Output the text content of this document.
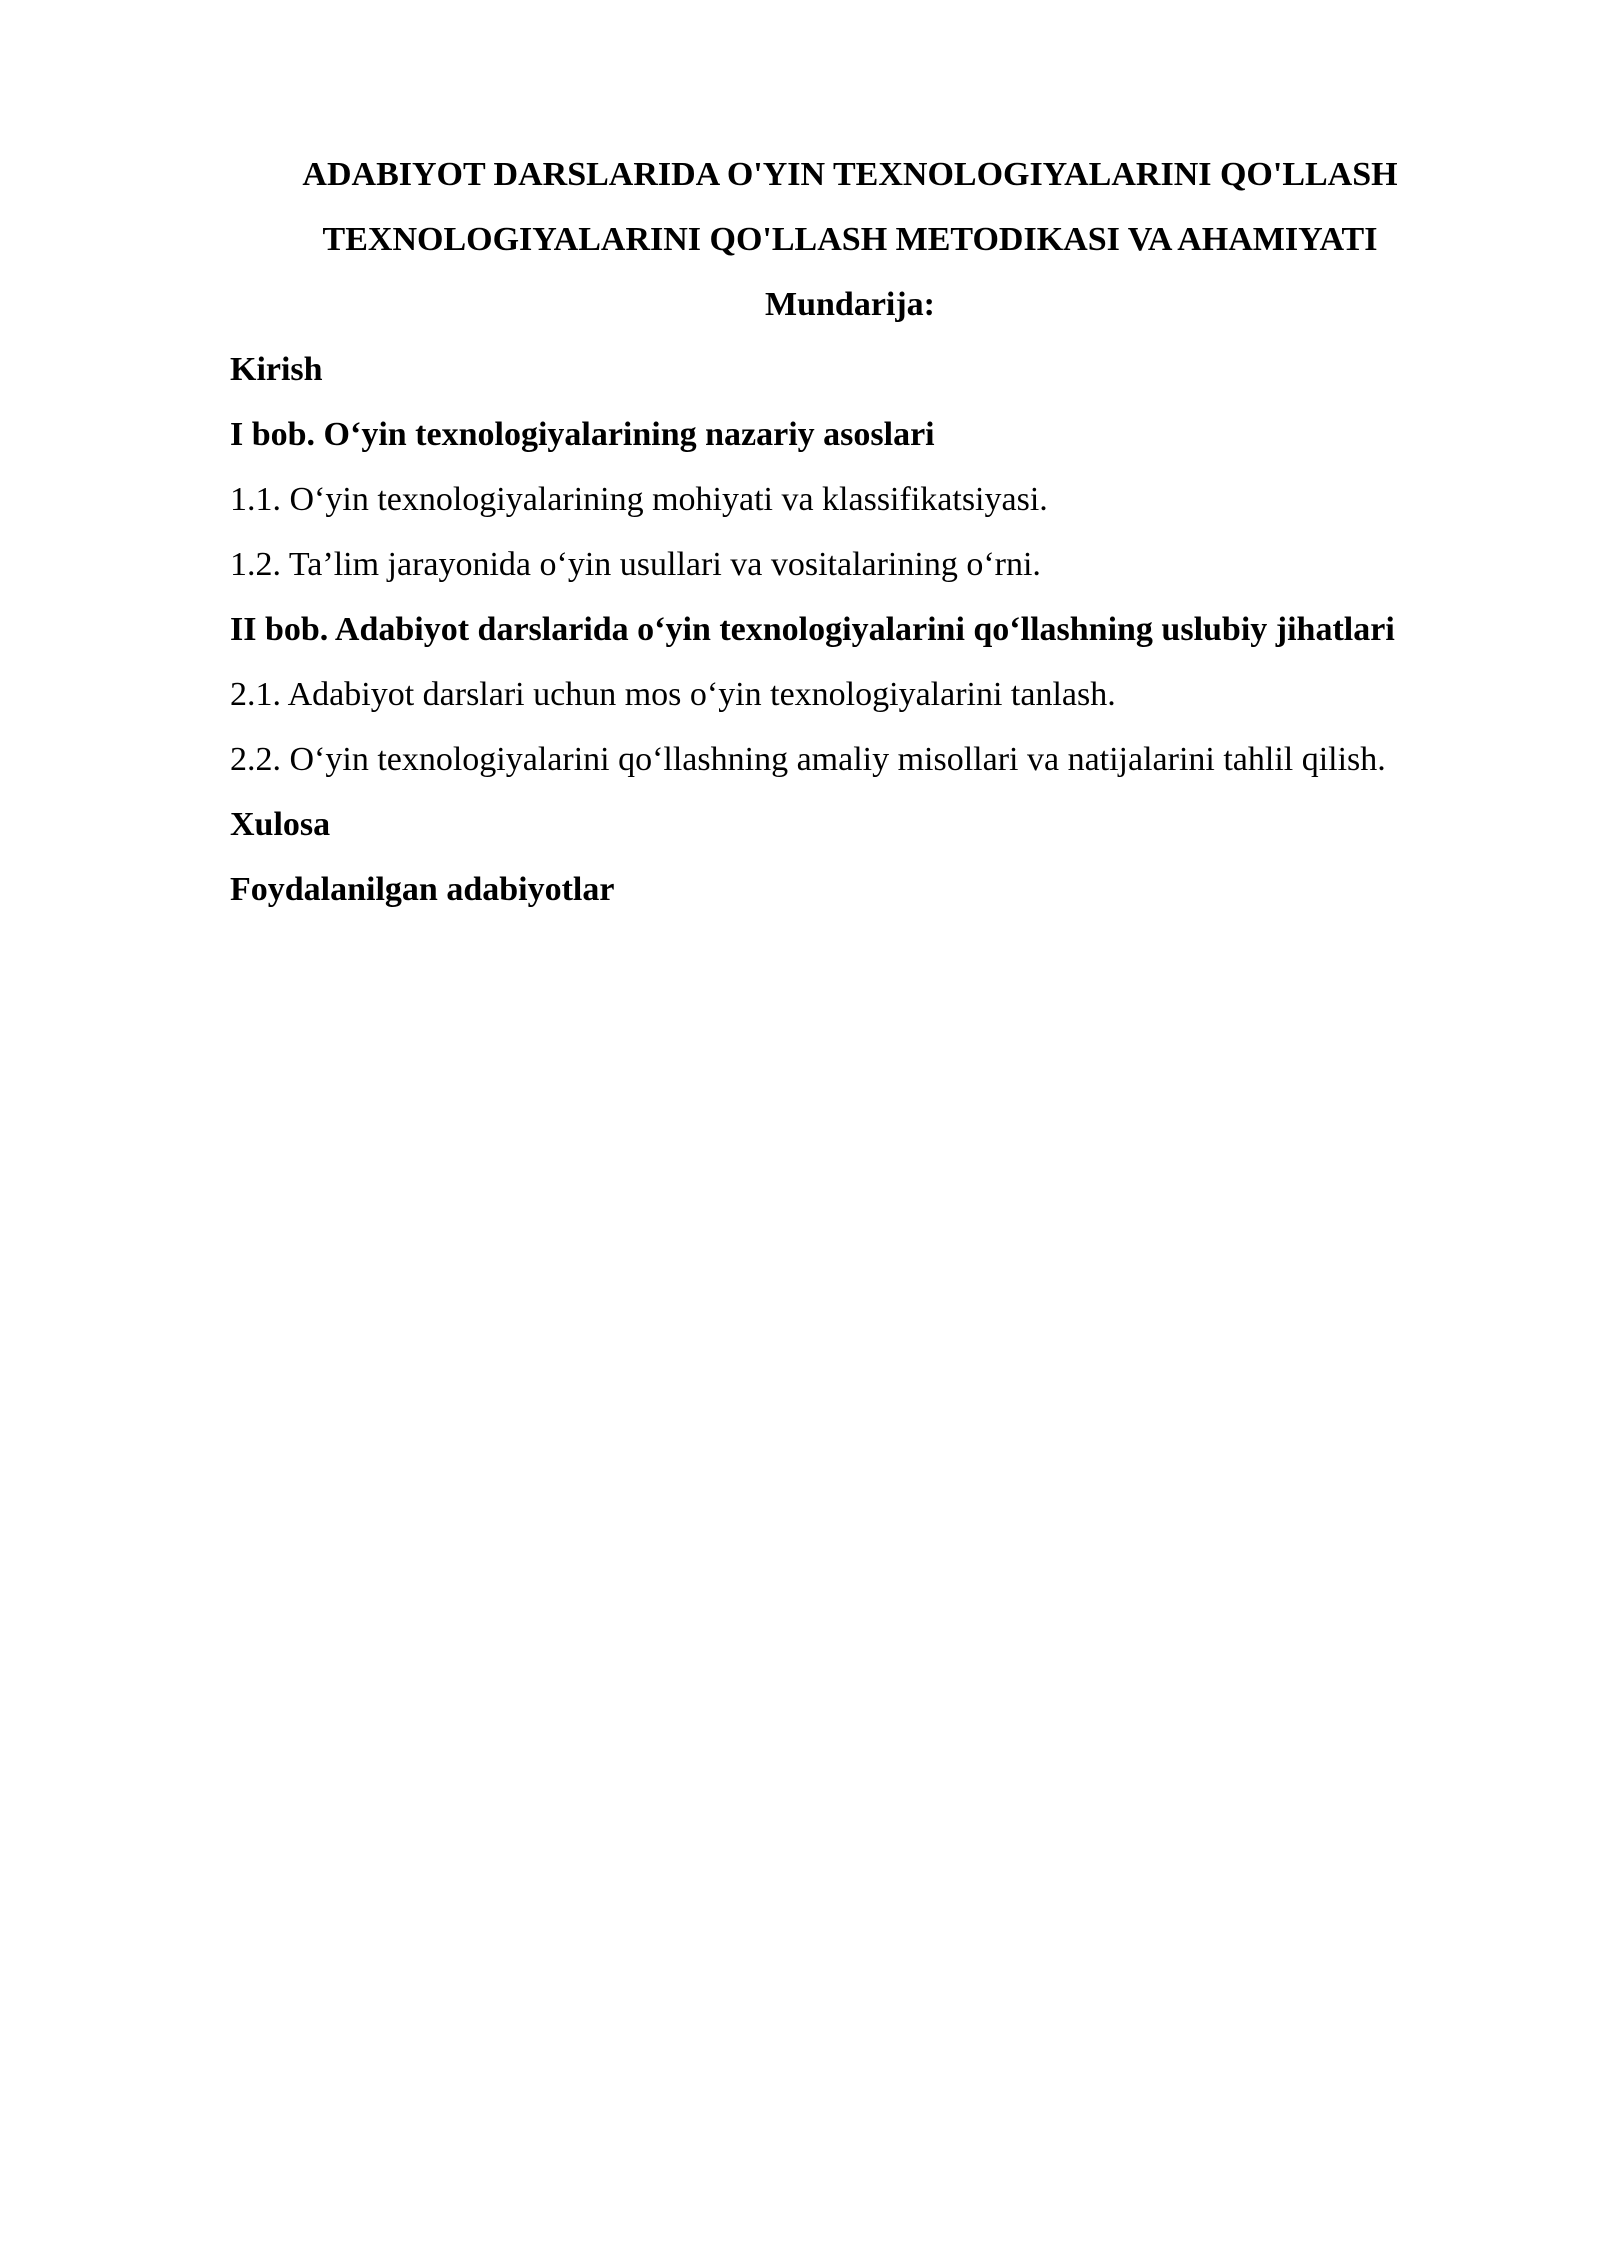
ADABIYOT DARSLARIDA O'YIN TEXNOLOGIYALARINI QO'LLASH

TEXNOLOGIYALARINI QO'LLASH METODIKASI VA AHAMIYATI

Mundarija:

Kirish
I bob. O‘yin texnologiyalarining nazariy asoslari
1.1. O‘yin texnologiyalarining mohiyati va klassifikatsiyasi.
1.2. Ta’lim jarayonida o‘yin usullari va vositalarining o‘rni.
II bob. Adabiyot darslarida o‘yin texnologiyalarini qo‘llashning uslubiy jihatlari
2.1. Adabiyot darslari uchun mos o‘yin texnologiyalarini tanlash.
2.2. O‘yin texnologiyalarini qo‘llashning amaliy misollari va natijalarini tahlil qilish.
Xulosa
Foydalanilgan adabiyotlar
